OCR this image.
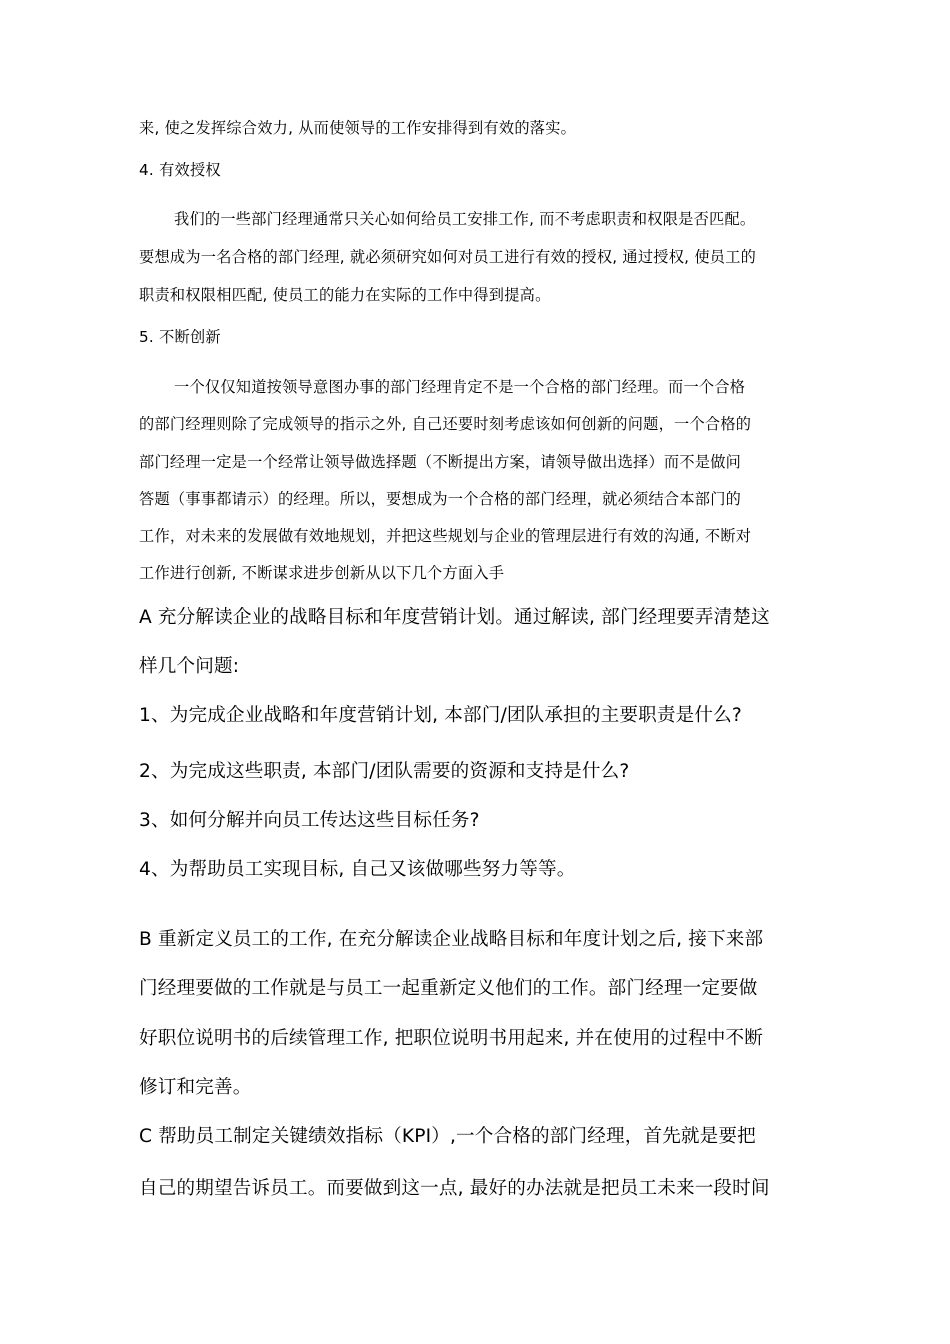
来, 使之发挥综合效力, 从而使领导的工作安排得到有效的落实。
4. 有效授权
我们的一些部门经理通常只关心如何给员工安排工作, 而不考虑职责和权限是否匹配。
要想成为一名合格的部门经理, 就必须研究如何对员工进行有效的授权, 通过授权, 使员工的
职责和权限相匹配, 使员工的能力在实际的工作中得到提高。
5. 不断创新
一个仅仅知道按领导意图办事的部门经理肯定不是一个合格的部门经理。而一个合格
的部门经理则除了完成领导的指示之外, 自己还要时刻考虑该如何创新的问题，一个合格的
部门经理一定是一个经常让领导做选择题（不断提出方案，请领导做出选择）而不是做问
答题（事事都请示）的经理。所以，要想成为一个合格的部门经理，就必须结合本部门的
工作，对未来的发展做有效地规划，并把这些规划与企业的管理层进行有效的沟通, 不断对
工作进行创新, 不断谋求进步创新从以下几个方面入手
A 充分解读企业的战略目标和年度营销计划。通过解读, 部门经理要弄清楚这
样几个问题:
1、为完成企业战略和年度营销计划, 本部门/团队承担的主要职责是什么?
2、为完成这些职责, 本部门/团队需要的资源和支持是什么?
3、如何分解并向员工传达这些目标任务?
4、为帮助员工实现目标, 自己又该做哪些努力等等。
B 重新定义员工的工作, 在充分解读企业战略目标和年度计划之后, 接下来部
门经理要做的工作就是与员工一起重新定义他们的工作。部门经理一定要做
好职位说明书的后续管理工作, 把职位说明书用起来, 并在使用的过程中不断
修订和完善。
C 帮助员工制定关键绩效指标（KPI）,一个合格的部门经理，首先就是要把
自己的期望告诉员工。而要做到这一点, 最好的办法就是把员工未来一段时间
